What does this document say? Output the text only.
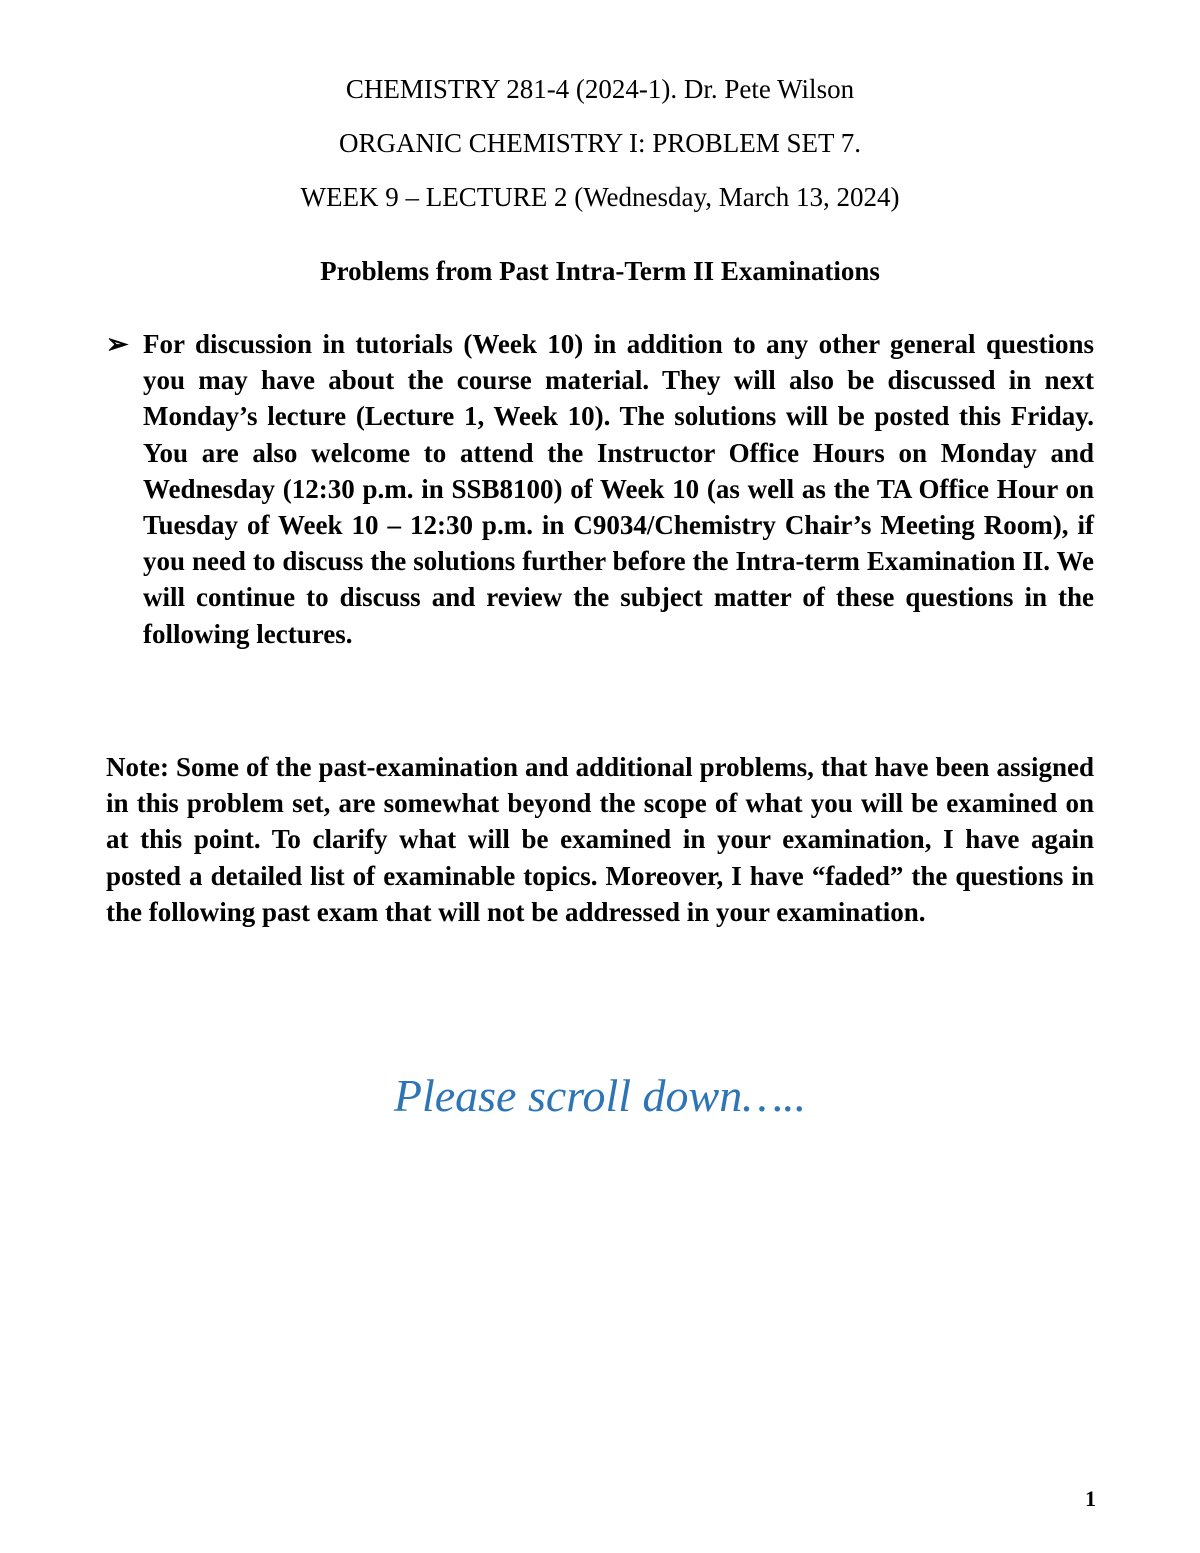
CHEMISTRY 281-4 (2024-1). Dr. Pete Wilson
ORGANIC CHEMISTRY I: PROBLEM SET 7.
WEEK 9 – LECTURE 2 (Wednesday, March 13, 2024)
Problems from Past Intra-Term II Examinations
➢ For discussion in tutorials (Week 10) in addition to any other general questions you may have about the course material. They will also be discussed in next Monday’s lecture (Lecture 1, Week 10). The solutions will be posted this Friday. You are also welcome to attend the Instructor Office Hours on Monday and Wednesday (12:30 p.m. in SSB8100) of Week 10 (as well as the TA Office Hour on Tuesday of Week 10 – 12:30 p.m. in C9034/Chemistry Chair’s Meeting Room), if you need to discuss the solutions further before the Intra-term Examination II. We will continue to discuss and review the subject matter of these questions in the following lectures.
Note: Some of the past-examination and additional problems, that have been assigned in this problem set, are somewhat beyond the scope of what you will be examined on at this point. To clarify what will be examined in your examination, I have again posted a detailed list of examinable topics. Moreover, I have “faded” the questions in the following past exam that will not be addressed in your examination.
Please scroll down…..
1
